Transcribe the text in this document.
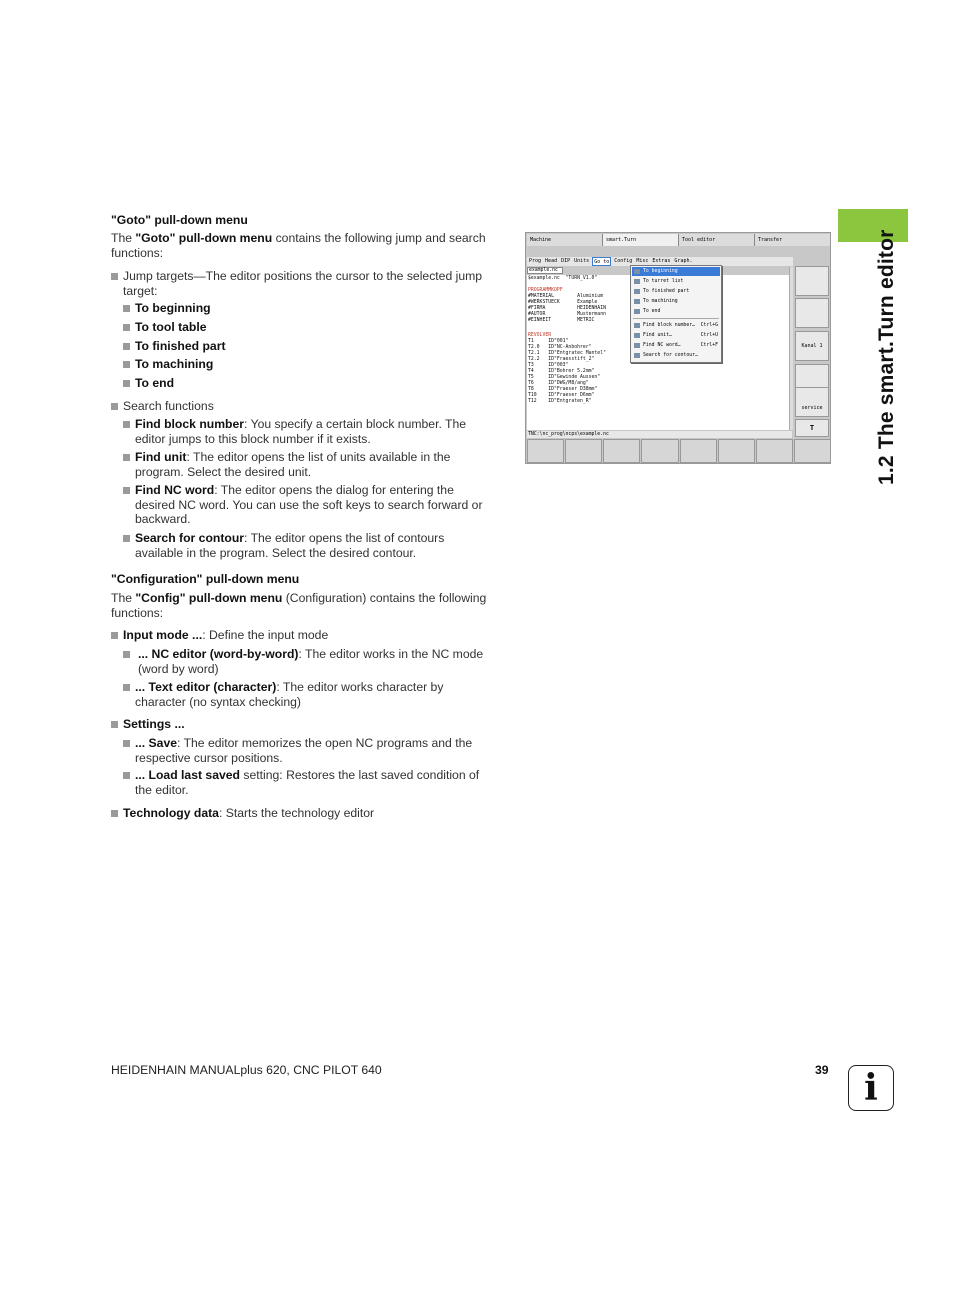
1.2 The smart.Turn editor
"Goto" pull-down menu
The "Goto" pull-down menu contains the following jump and search
functions:
Jump targets—The editor positions the cursor to the selected jump
target:
To beginning
To tool table
To finished part
To machining
To end
Search functions
Find block number: You specify a certain block number. The
editor jumps to this block number if it exists.
Find unit: The editor opens the list of units available in the
program. Select the desired unit.
Find NC word: The editor opens the dialog for entering the
desired NC word. You can use the soft keys to search forward or
backward.
Search for contour: The editor opens the list of contours
available in the program. Select the desired contour.
"Configuration" pull-down menu
The "Config" pull-down menu (Configuration) contains the following
functions:
Input mode ...: Define the input mode
... NC editor (word-by-word): The editor works in the NC mode
(word by word)
... Text editor (character): The editor works character by
character (no syntax checking)
Settings ...
... Save: The editor memorizes the open NC programs and the
respective cursor positions.
... Load last saved setting: Restores the last saved condition of
the editor.
Technology data: Starts the technology editor
HEIDENHAIN MANUALplus 620, CNC PILOT 640	39 i
Machine	smart.Turn	Tool editor	Transfer
Prog Head DIP Units	Go to	Config Misc Extras Graph.
example.nc
$example.nc  "TURN_V1.0"
PROGRAMMKOPF
#MATERIAL        Aluminium
#WERKSTUECK      Example
#FIRMA           HEIDENHAIN
#AUTOR           Mustermann
#EINHEIT         METRIC
REVOLVER
T1     ID"001"
T2.0   ID"NC-Anbohrer"
T2.1   ID"Entgratec Mantel"
T2.2   ID"Fraesstift_2"
T3     ID"003"
T4     ID"Bohrer 5.2mm"
T5     ID"Gewinde Aussen"
T6     ID"DWG/M8/ang"
T8     ID"Fraeser D38mm"
T10    ID"Fraeser D6mm"
T12    ID"Entgraten_R"
TNC:\nc_prog\ncps\example.nc
To beginning
To turret list
To finished part
To machining
To end
Find block number… Ctrl+G
Find unit…	Ctrl+U
Find NC word…	Ctrl+F
Search for contour…
Kanal 1
service
T
